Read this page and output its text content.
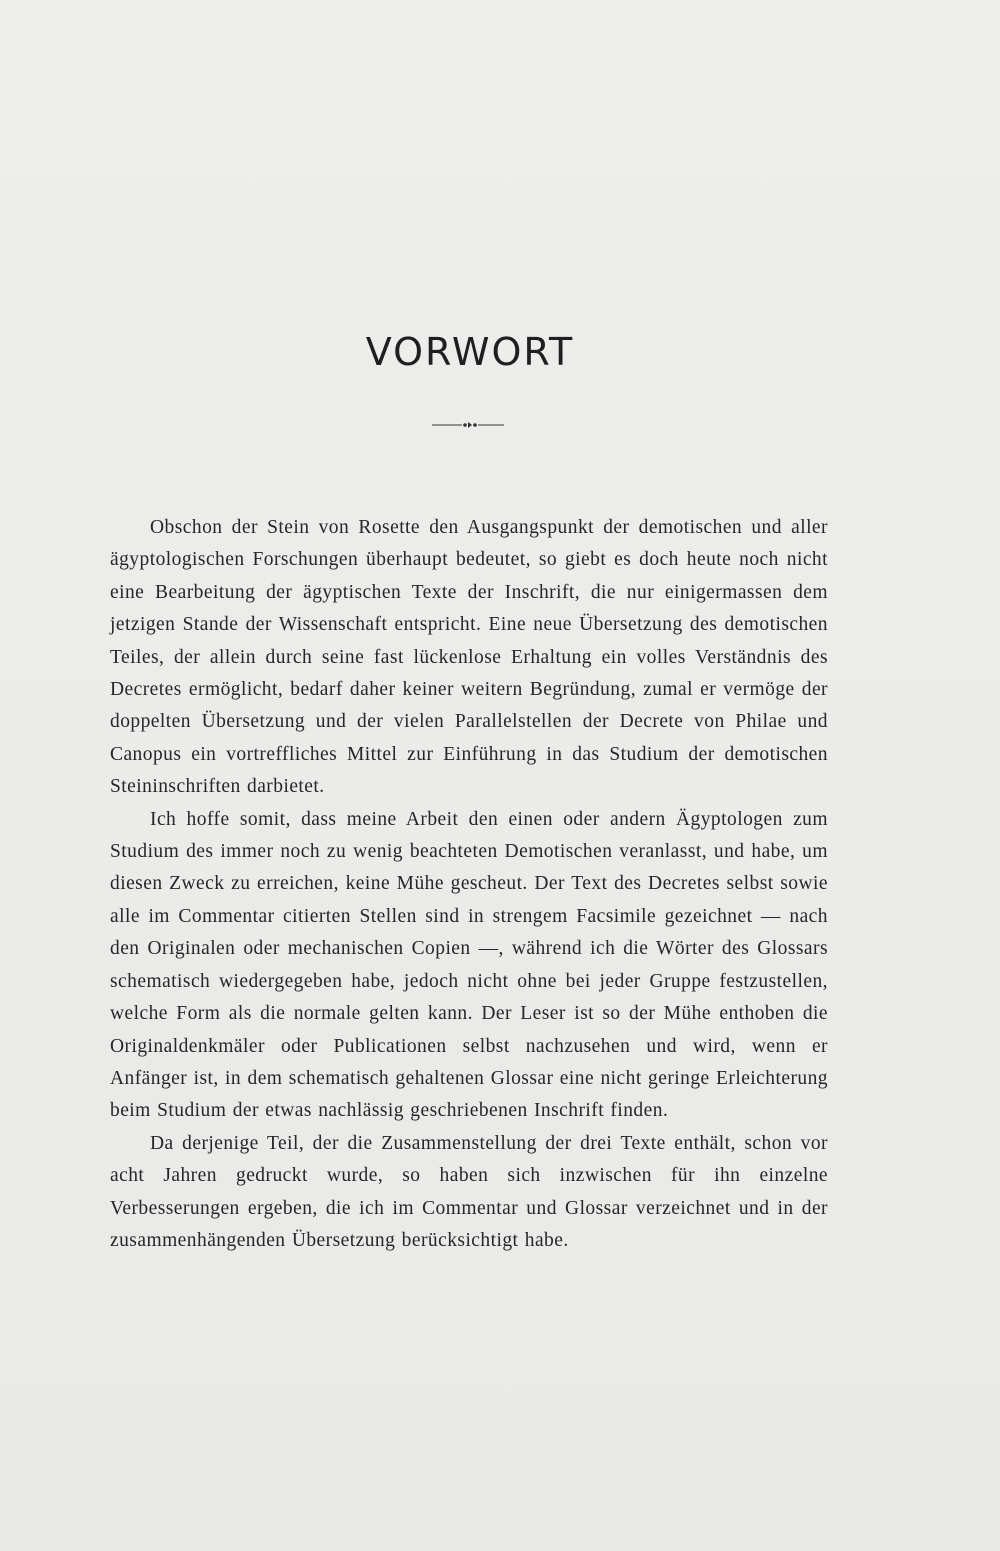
VORWORT

Obschon der Stein von Rosette den Ausgangspunkt der demotischen und aller ägyptologischen Forschungen überhaupt bedeutet, so giebt es doch heute noch nicht eine Bearbeitung der ägyptischen Texte der Inschrift, die nur einigermassen dem jetzigen Stande der Wissenschaft entspricht. Eine neue Übersetzung des demotischen Teiles, der allein durch seine fast lückenlose Erhaltung ein volles Verständnis des Decretes ermöglicht, bedarf daher keiner weitern Begründung, zumal er vermöge der doppelten Übersetzung und der vielen Parallelstellen der Decrete von Philae und Canopus ein vortreffliches Mittel zur Einführung in das Studium der demotischen Steininschriften darbietet.

Ich hoffe somit, dass meine Arbeit den einen oder andern Ägyptologen zum Studium des immer noch zu wenig beachteten Demotischen veranlasst, und habe, um diesen Zweck zu erreichen, keine Mühe gescheut. Der Text des Decretes selbst sowie alle im Commentar citierten Stellen sind in strengem Facsimile gezeichnet — nach den Originalen oder mechanischen Copien —, während ich die Wörter des Glossars schematisch wiedergegeben habe, jedoch nicht ohne bei jeder Gruppe festzustellen, welche Form als die normale gelten kann. Der Leser ist so der Mühe enthoben die Originaldenkmäler oder Publicationen selbst nachzusehen und wird, wenn er Anfänger ist, in dem schematisch gehaltenen Glossar eine nicht geringe Erleichterung beim Studium der etwas nachlässig geschriebenen Inschrift finden.

Da derjenige Teil, der die Zusammenstellung der drei Texte enthält, schon vor acht Jahren gedruckt wurde, so haben sich inzwischen für ihn einzelne Verbesserungen ergeben, die ich im Commentar und Glossar verzeichnet und in der zusammenhängenden Übersetzung berücksichtigt habe.
